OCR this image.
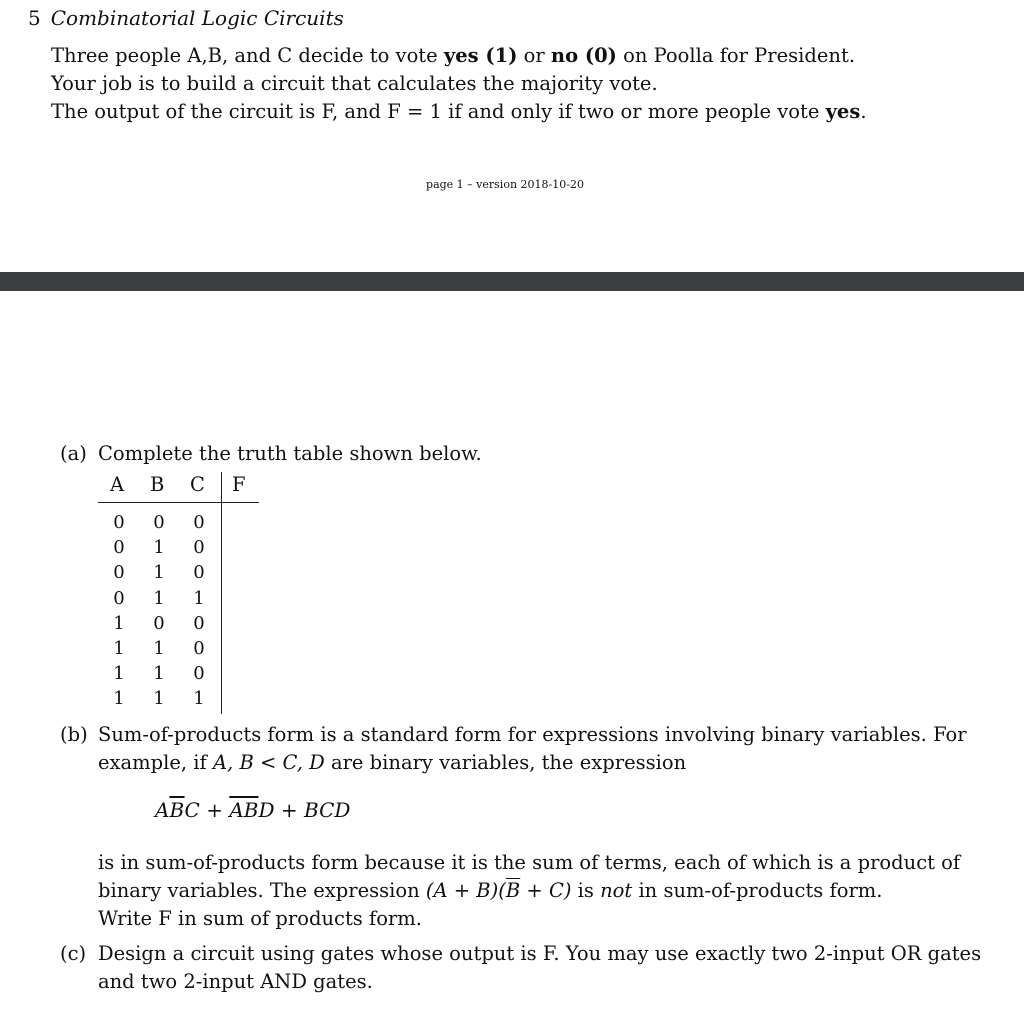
5 Combinatorial Logic Circuits
Three people A,B, and C decide to vote yes (1) or no (0) on Poolla for President.
Your job is to build a circuit that calculates the majority vote.
The output of the circuit is F, and F = 1 if and only if two or more people vote yes.
page 1 – version 2018-10-20
(a) Complete the truth table shown below.
A B C F
0 0 0
0 1 0
0 1 0
0 1 1
1 0 0
1 1 0
1 1 0
1 1 1
(b) Sum-of-products form is a standard form for expressions involving binary variables. For
example, if A, B < C, D are binary variables, the expression
$A\overline{B}C + \overline{AB}D$ + BCD
is in sum-of-products form because it is the sum of terms, each of which is a product of
binary variables. The expression $(A + B)(\overline{B} + C)$ is not in sum-of-products form.
Write F in sum of products form.
(c) Design a circuit using gates whose output is F. You may use exactly two 2-input OR gates
and two 2-input AND gates.
